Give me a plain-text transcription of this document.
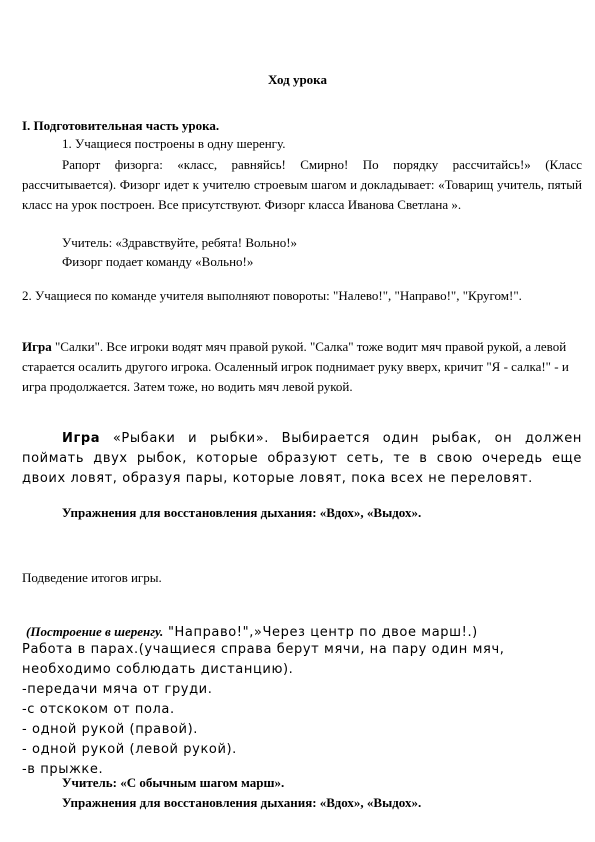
Ход урока

I. Подготовительная часть урока.

1. Учащиеся построены в одну шеренгу.

Рапорт физорга: «класс, равняйсь! Смирно! По порядку рассчитайсь!» (Класс рассчитывается). Физорг идет к учителю строевым шагом и докладывает: «Товарищ учитель, пятый класс на урок построен. Все присутствуют. Физорг класса Иванова Светлана ».

Учитель: «Здравствуйте, ребята! Вольно!»

Физорг подает команду «Вольно!»

2. Учащиеся по команде учителя выполняют повороты: "Налево!", "Направо!", "Кругом!".

Игра "Салки". Все игроки водят мяч правой рукой. "Салка" тоже водит мяч правой рукой, а левой старается осалить другого игрока. Осаленный игрок поднимает руку вверх, кричит "Я - салка!" - и игра продолжается. Затем тоже, но водить мяч левой рукой.

Игра «Рыбаки и рыбки». Выбирается один рыбак, он должен поймать двух рыбок, которые образуют сеть, те в свою очередь еще двоих ловят, образуя пары, которые ловят, пока всех не переловят.

Упражнения для восстановления дыхания: «Вдох», «Выдох».

Подведение итогов игры.

(Построение в шеренгу. "Направо!",»Через центр по двое марш!.)

Работа в парах.(учащиеся справа берут мячи, на пару один мяч, необходимо соблюдать дистанцию).

-передачи мяча от груди.
-с отскоком от пола.
- одной рукой (правой).
- одной рукой (левой рукой).
-в прыжке.

Учитель: «С обычным шагом марш».

Упражнения для восстановления дыхания: «Вдох», «Выдох».
